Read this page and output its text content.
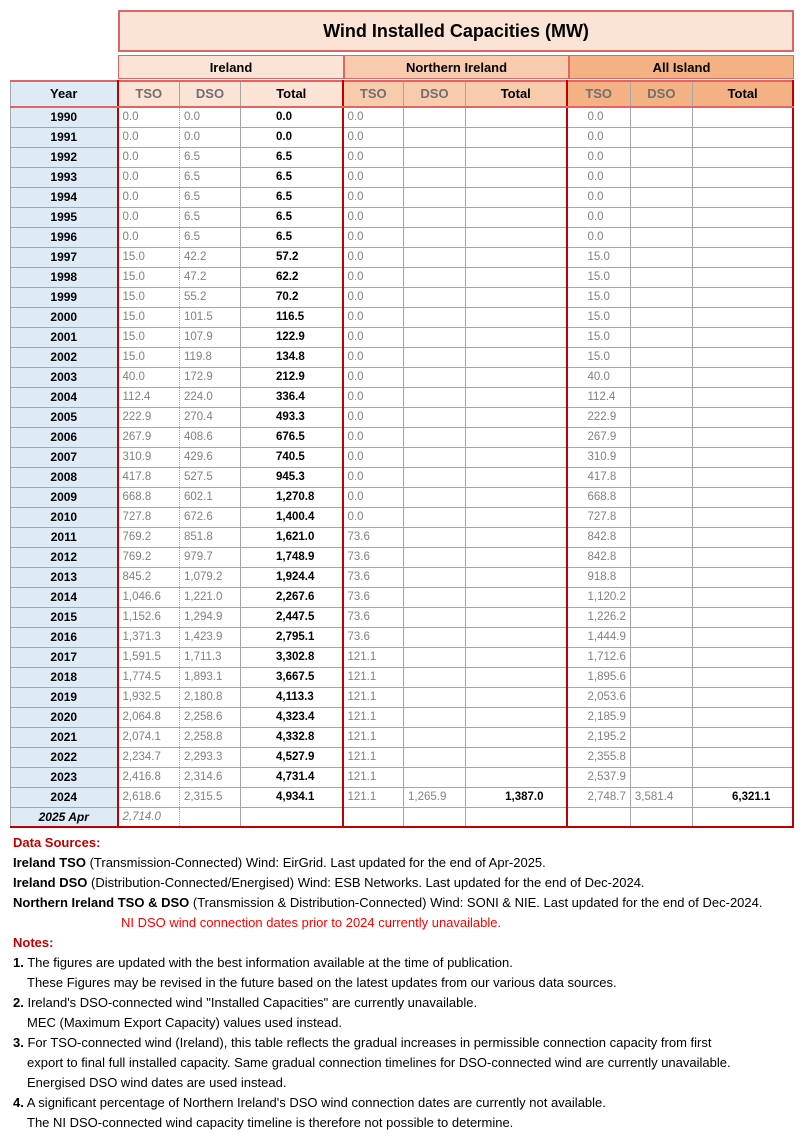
Wind Installed Capacities (MW)
Ireland	Northern Ireland	All Island
Year	TSO	DSO	Total	TSO	DSO	Total	TSO	DSO	Total
1990	0.0	0.0	0.0	0.0			0.0		
1991	0.0	0.0	0.0	0.0			0.0		
1992	0.0	6.5	6.5	0.0			0.0		
1993	0.0	6.5	6.5	0.0			0.0		
1994	0.0	6.5	6.5	0.0			0.0		
1995	0.0	6.5	6.5	0.0			0.0		
1996	0.0	6.5	6.5	0.0			0.0		
1997	15.0	42.2	57.2	0.0			15.0		
1998	15.0	47.2	62.2	0.0			15.0		
1999	15.0	55.2	70.2	0.0			15.0		
2000	15.0	101.5	116.5	0.0			15.0		
2001	15.0	107.9	122.9	0.0			15.0		
2002	15.0	119.8	134.8	0.0			15.0		
2003	40.0	172.9	212.9	0.0			40.0		
2004	112.4	224.0	336.4	0.0			112.4		
2005	222.9	270.4	493.3	0.0			222.9		
2006	267.9	408.6	676.5	0.0			267.9		
2007	310.9	429.6	740.5	0.0			310.9		
2008	417.8	527.5	945.3	0.0			417.8		
2009	668.8	602.1	1,270.8	0.0			668.8		
2010	727.8	672.6	1,400.4	0.0			727.8		
2011	769.2	851.8	1,621.0	73.6			842.8		
2012	769.2	979.7	1,748.9	73.6			842.8		
2013	845.2	1,079.2	1,924.4	73.6			918.8		
2014	1,046.6	1,221.0	2,267.6	73.6			1,120.2		
2015	1,152.6	1,294.9	2,447.5	73.6			1,226.2		
2016	1,371.3	1,423.9	2,795.1	73.6			1,444.9		
2017	1,591.5	1,711.3	3,302.8	121.1			1,712.6		
2018	1,774.5	1,893.1	3,667.5	121.1			1,895.6		
2019	1,932.5	2,180.8	4,113.3	121.1			2,053.6		
2020	2,064.8	2,258.6	4,323.4	121.1			2,185.9		
2021	2,074.1	2,258.8	4,332.8	121.1			2,195.2		
2022	2,234.7	2,293.3	4,527.9	121.1			2,355.8		
2023	2,416.8	2,314.6	4,731.4	121.1			2,537.9		
2024	2,618.6	2,315.5	4,934.1	121.1	1,265.9	1,387.0	2,748.7	3,581.4	6,321.1
2025 Apr	2,714.0								
Data Sources:
Ireland TSO (Transmission-Connected) Wind: EirGrid. Last updated for the end of Apr-2025.
Ireland DSO (Distribution-Connected/Energised) Wind: ESB Networks. Last updated for the end of Dec-2024.
Northern Ireland TSO & DSO (Transmission & Distribution-Connected) Wind: SONI & NIE. Last updated for the end of Dec-2024.
NI DSO wind connection dates prior to 2024 currently unavailable.
Notes:
1. The figures are updated with the best information available at the time of publication.
These Figures may be revised in the future based on the latest updates from our various data sources.
2. Ireland's DSO-connected wind "Installed Capacities" are currently unavailable.
MEC (Maximum Export Capacity) values used instead.
3. For TSO-connected wind (Ireland), this table reflects the gradual increases in permissible connection capacity from first
export to final full installed capacity. Same gradual connection timelines for DSO-connected wind are currently unavailable.
Energised DSO wind dates are used instead.
4. A significant percentage of Northern Ireland's DSO wind connection dates are currently not available.
The NI DSO-connected wind capacity timeline is therefore not possible to determine.
